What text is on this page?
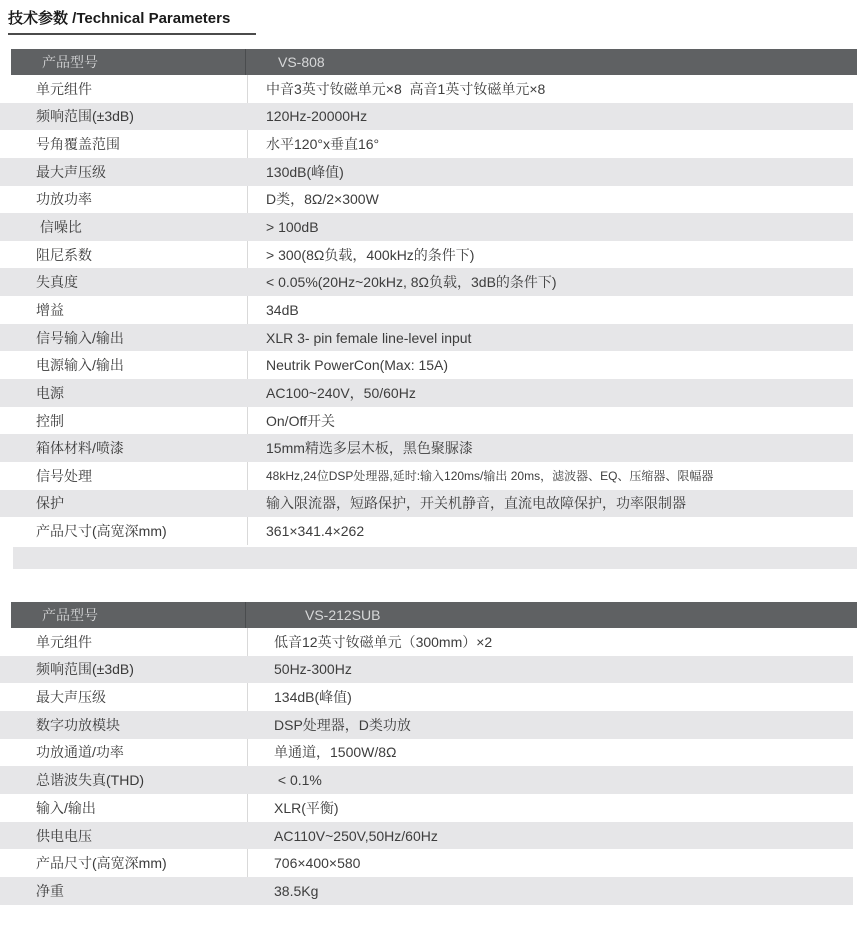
技术参数 /Technical Parameters
产品型号	VS-808
单元组件	中音3英寸钕磁单元×8  高音1英寸钕磁单元×8
频响范围(±3dB)	120Hz-20000Hz
号角覆盖范围	水平120°x垂直16°
最大声压级	130dB(峰值)
功放功率	D类，8Ω/2×300W
信噪比	> 100dB
阻尼系数	> 300(8Ω负载，400kHz的条件下)
失真度	< 0.05%(20Hz~20kHz, 8Ω负载，3dB的条件下)
增益	34dB
信号输入/输出	XLR 3- pin female line-level input
电源输入/输出	Neutrik PowerCon(Max: 15A)
电源	AC100~240V，50/60Hz
控制	On/Off开关
箱体材料/喷漆	15mm精选多层木板，黑色聚脲漆
信号处理	48kHz,24位DSP处理器,延时:输入120ms/输出 20ms，滤波器、EQ、压缩器、限幅器
保护	输入限流器，短路保护，开关机静音，直流电故障保护，功率限制器
产品尺寸(高宽深mm)	361×341.4×262
产品型号	VS-212SUB
单元组件	低音12英寸钕磁单元（300mm）×2
频响范围(±3dB)	50Hz-300Hz
最大声压级	134dB(峰值)
数字功放模块	DSP处理器，D类功放
功放通道/功率	单通道，1500W/8Ω
总谐波失真(THD)	< 0.1%
输入/输出	XLR(平衡)
供电电压	AC110V~250V,50Hz/60Hz
产品尺寸(高宽深mm)	706×400×580
净重	38.5Kg
